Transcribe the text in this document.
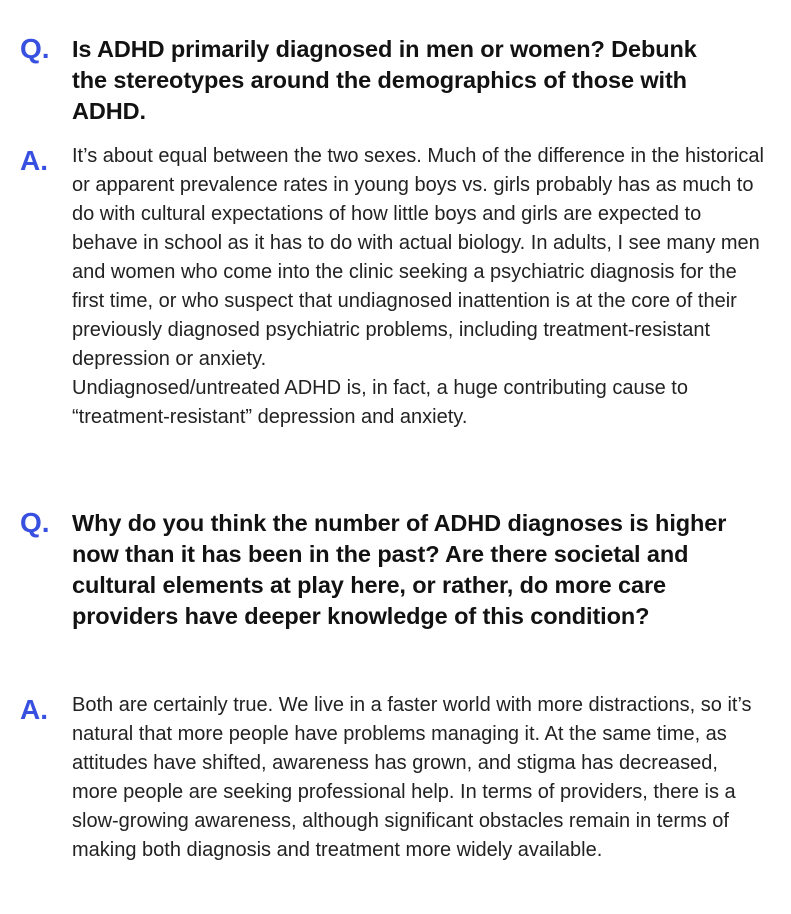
Q. Is ADHD primarily diagnosed in men or women? Debunk the stereotypes around the demographics of those with ADHD.
A.	It’s about equal between the two sexes. Much of the difference in the historical or apparent prevalence rates in young boys vs. girls probably has as much to do with cultural expectations of how little boys and girls are expected to behave in school as it has to do with actual biology. In adults, I see many men and women who come into the clinic seeking a psychiatric diagnosis for the first time, or who suspect that undiagnosed inattention is at the core of their previously diagnosed psychiatric problems, including treatment-resistant depression or anxiety.

Undiagnosed/untreated ADHD is, in fact, a huge contributing cause to “treatment-resistant” depression and anxiety.

Q. Why do you think the number of ADHD diagnoses is higher now than it has been in the past? Are there societal and cultural elements at play here, or rather, do more care providers have deeper knowledge of this condition?
A.	Both are certainly true. We live in a faster world with more distractions, so it’s natural that more people have problems managing it. At the same time, as attitudes have shifted, awareness has grown, and stigma has decreased, more people are seeking professional help. In terms of providers, there is a slow-growing awareness, although significant obstacles remain in terms of making both diagnosis and treatment more widely available.
